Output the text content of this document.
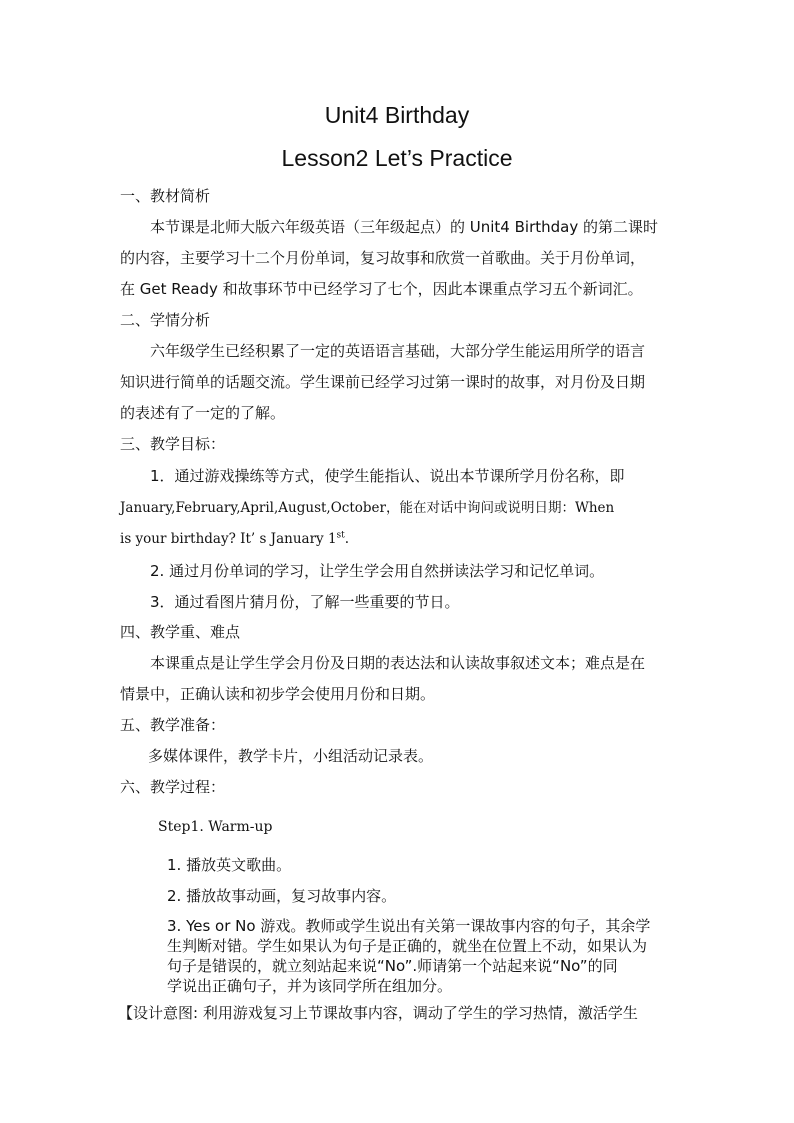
Unit4 Birthday
Lesson2 Let’s Practice
一、教材简析
本节课是北师大版六年级英语（三年级起点）的 Unit4 Birthday 的第二课时
的内容，主要学习十二个月份单词，复习故事和欣赏一首歌曲。关于月份单词，
在 Get Ready 和故事环节中已经学习了七个，因此本课重点学习五个新词汇。
二、学情分析
六年级学生已经积累了一定的英语语言基础，大部分学生能运用所学的语言
知识进行简单的话题交流。学生课前已经学习过第一课时的故事，对月份及日期
的表述有了一定的了解。
三、教学目标：
1．通过游戏操练等方式，使学生能指认、说出本节课所学月份名称，即
January,February,April,August,October，能在对话中询问或说明日期：When
is your birthday? It’ s January 1st.
2. 通过月份单词的学习，让学生学会用自然拼读法学习和记忆单词。
3．通过看图片猜月份，了解一些重要的节日。
四、教学重、难点
本课重点是让学生学会月份及日期的表达法和认读故事叙述文本；难点是在
情景中，正确认读和初步学会使用月份和日期。
五、教学准备：
多媒体课件，教学卡片，小组活动记录表。
六、教学过程：
Step1. Warm-up
1. 播放英文歌曲。
2. 播放故事动画，复习故事内容。
3. Yes or No 游戏。教师或学生说出有关第一课故事内容的句子，其余学
生判断对错。学生如果认为句子是正确的，就坐在位置上不动，如果认为
句子是错误的，就立刻站起来说“No”.师请第一个站起来说“No”的同
学说出正确句子，并为该同学所在组加分。
【设计意图: 利用游戏复习上节课故事内容，调动了学生的学习热情，激活学生
